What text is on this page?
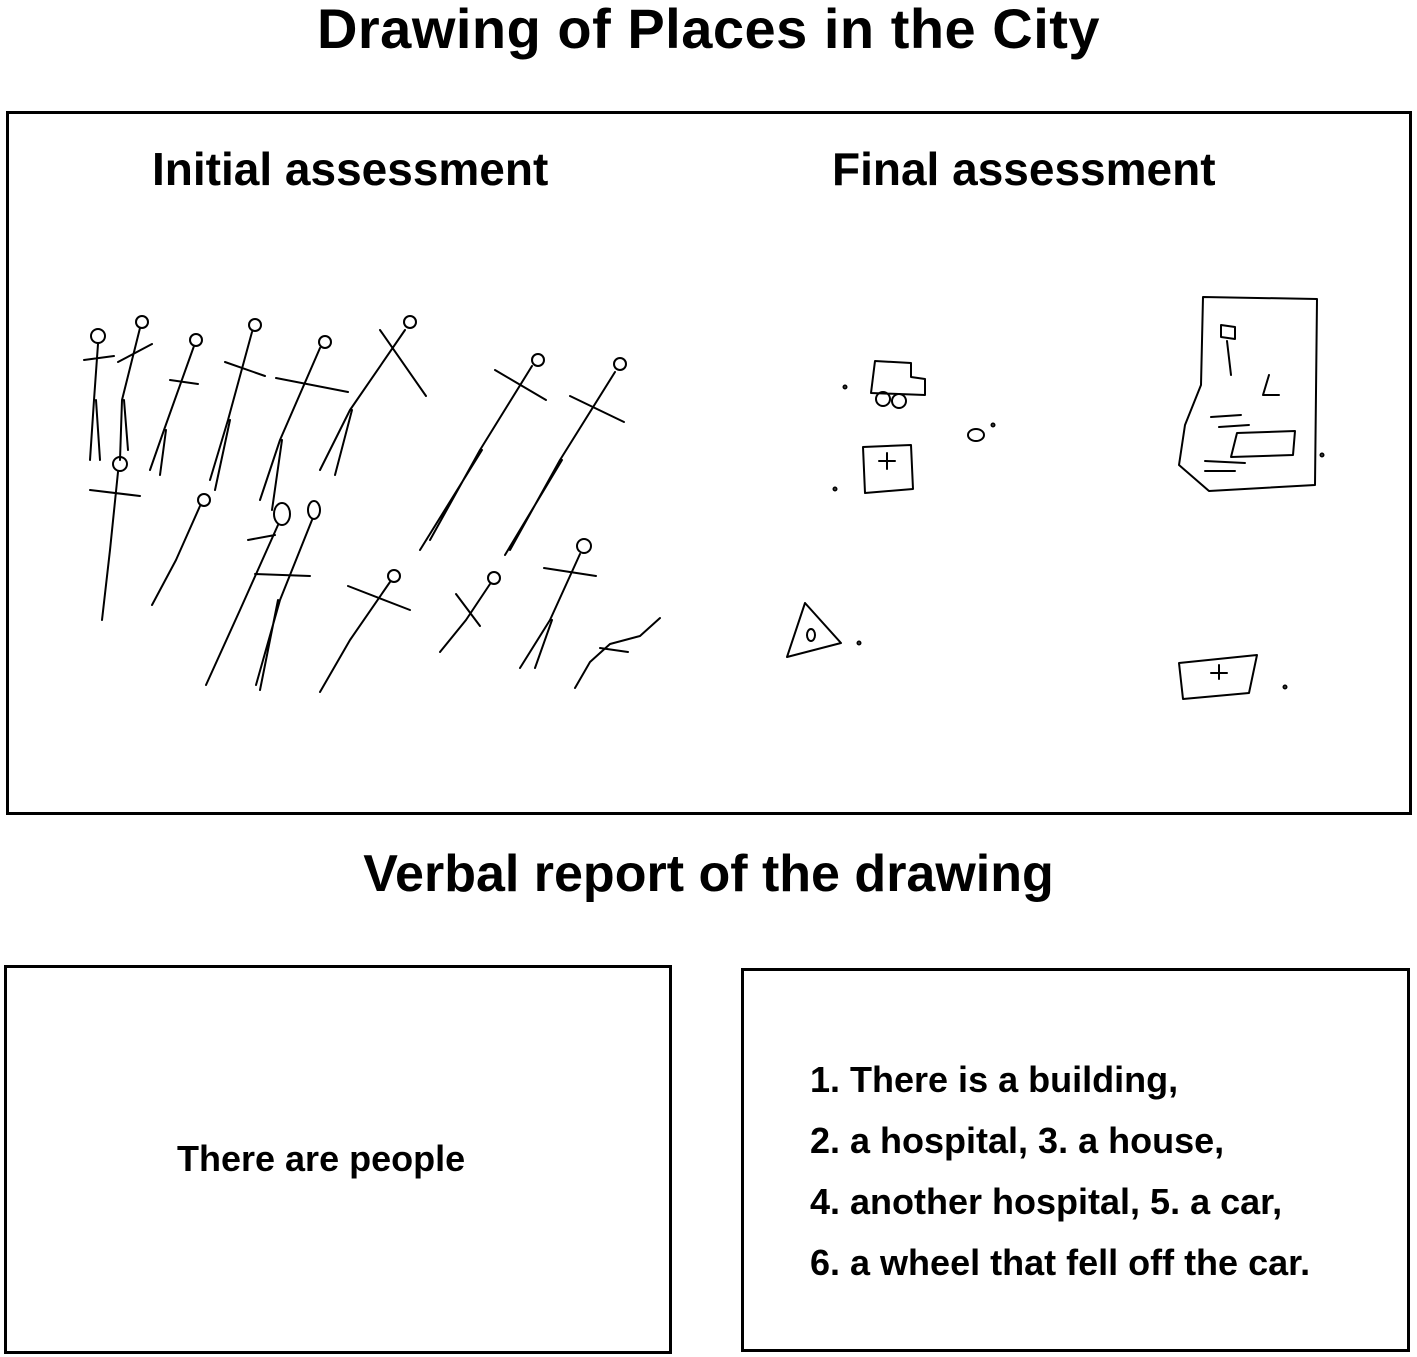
Drawing of Places in the City
Initial assessment	Final assessment
Verbal report of the drawing
There are people
1. There is a building,
2. a hospital, 3. a house,
4. another hospital, 5. a car,
6. a wheel that fell off the car.
